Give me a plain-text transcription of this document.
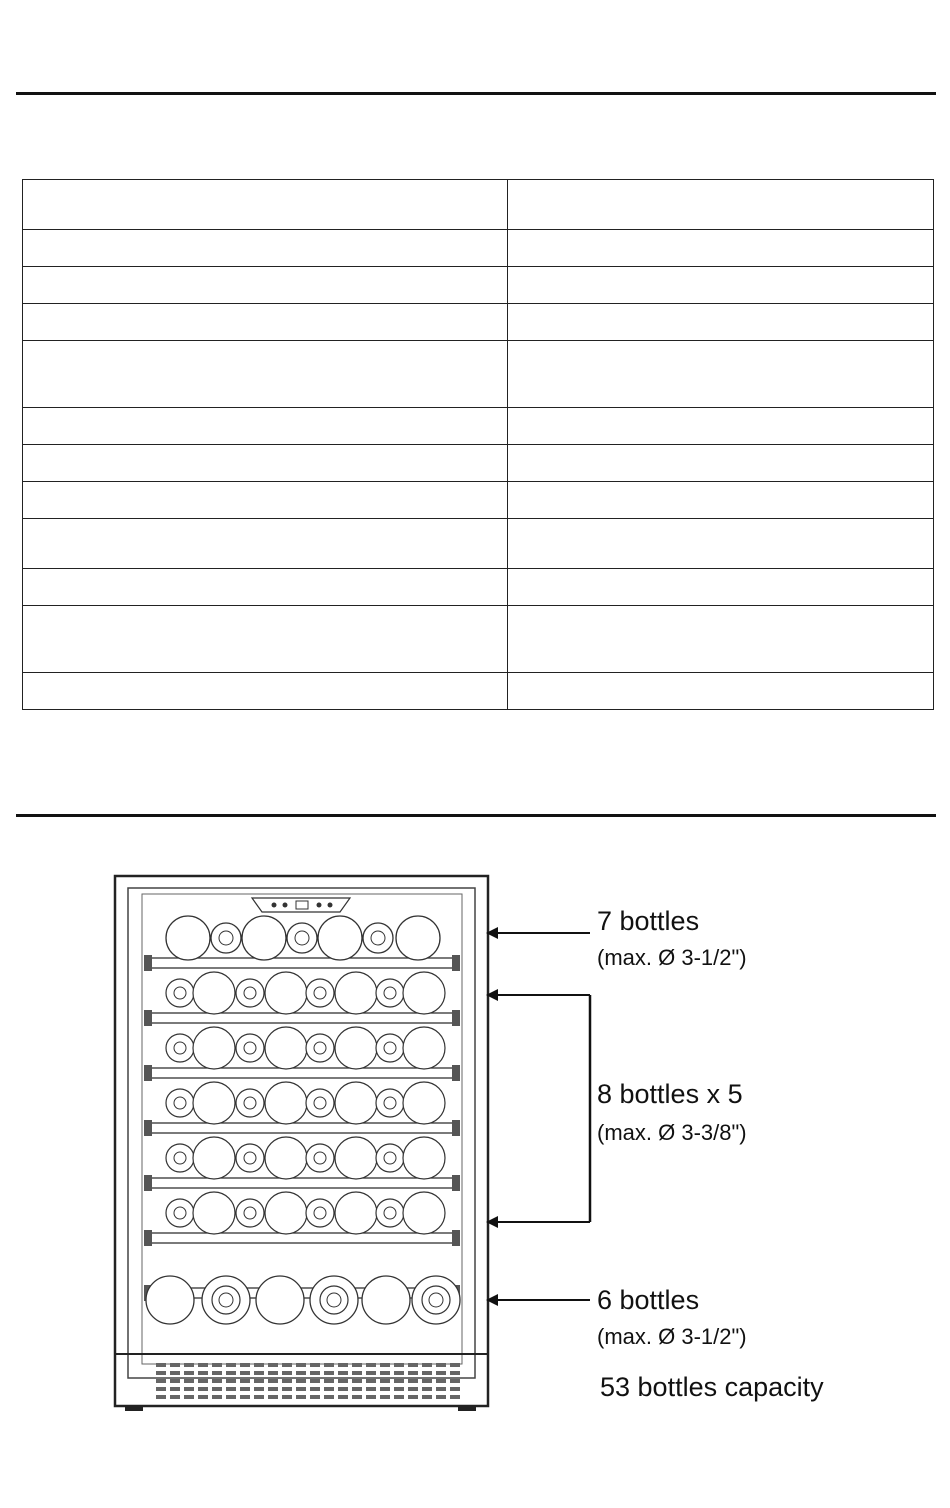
7 bottles
(max. Ø 3-1/2")
8 bottles x 5
(max. Ø 3-3/8")
6 bottles
(max. Ø 3-1/2")
53 bottles capacity
